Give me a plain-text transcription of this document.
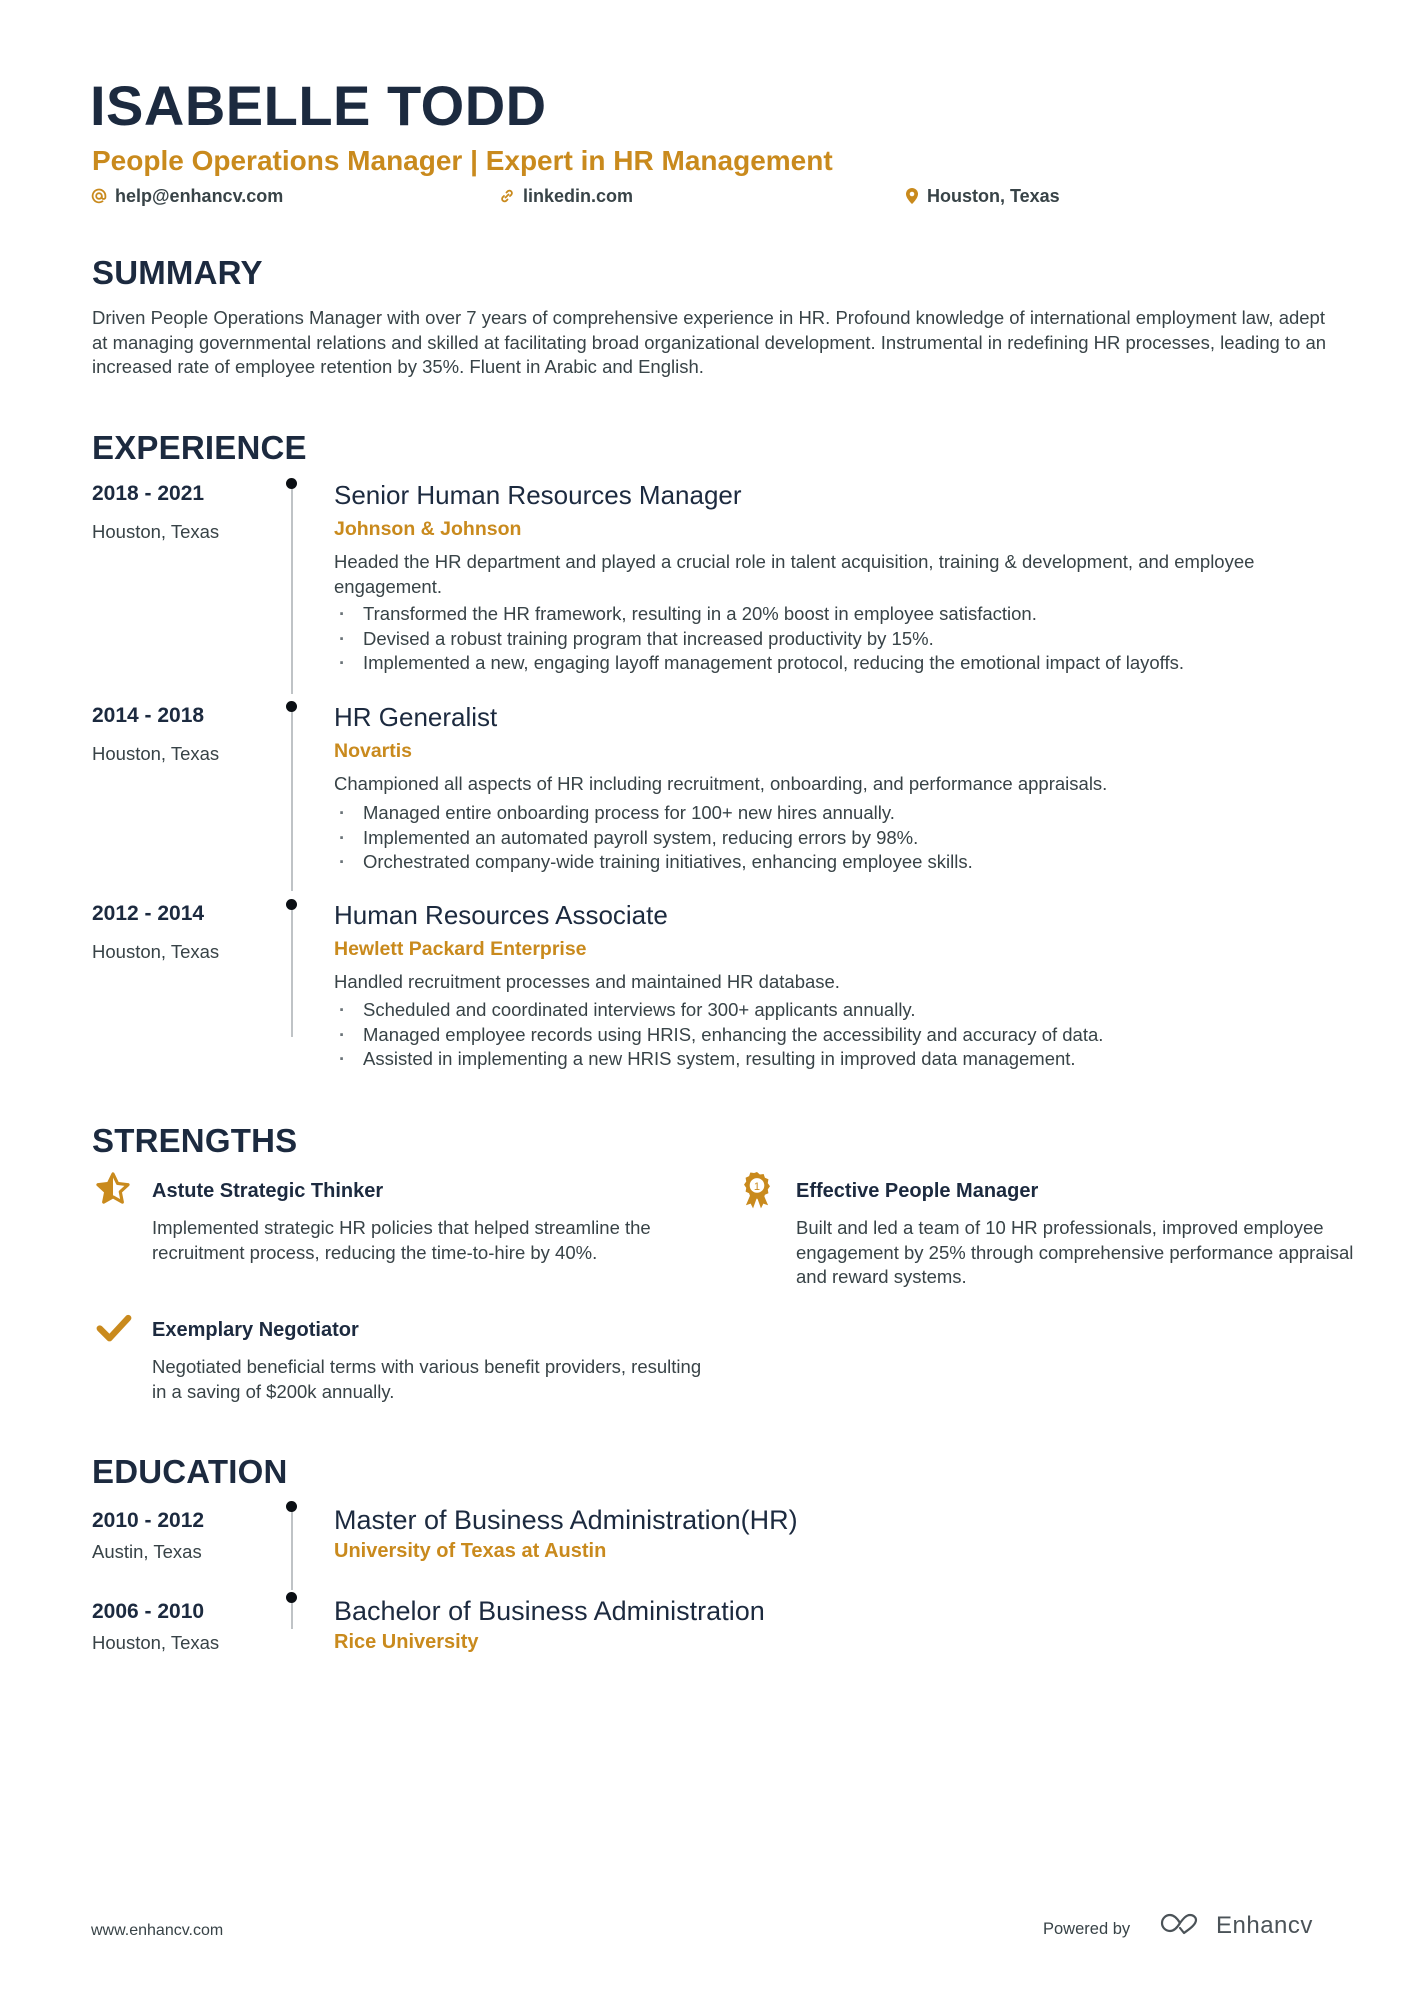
ISABELLE TODD
People Operations Manager | Expert in HR Management
help@enhancv.com	linkedin.com	Houston, Texas
SUMMARY
Driven People Operations Manager with over 7 years of comprehensive experience in HR. Profound knowledge of international employment law, adept at managing governmental relations and skilled at facilitating broad organizational development. Instrumental in redefining HR processes, leading to an increased rate of employee retention by 35%. Fluent in Arabic and English.
EXPERIENCE
2018 - 2021
Houston, Texas
Senior Human Resources Manager
Johnson & Johnson
Headed the HR department and played a crucial role in talent acquisition, training & development, and employee engagement.
· Transformed the HR framework, resulting in a 20% boost in employee satisfaction.
· Devised a robust training program that increased productivity by 15%.
· Implemented a new, engaging layoff management protocol, reducing the emotional impact of layoffs.
2014 - 2018
Houston, Texas
HR Generalist
Novartis
Championed all aspects of HR including recruitment, onboarding, and performance appraisals.
· Managed entire onboarding process for 100+ new hires annually.
· Implemented an automated payroll system, reducing errors by 98%.
· Orchestrated company-wide training initiatives, enhancing employee skills.
2012 - 2014
Houston, Texas
Human Resources Associate
Hewlett Packard Enterprise
Handled recruitment processes and maintained HR database.
· Scheduled and coordinated interviews for 300+ applicants annually.
· Managed employee records using HRIS, enhancing the accessibility and accuracy of data.
· Assisted in implementing a new HRIS system, resulting in improved data management.
STRENGTHS
Astute Strategic Thinker
Implemented strategic HR policies that helped streamline the recruitment process, reducing the time-to-hire by 40%.
1 Effective People Manager
Built and led a team of 10 HR professionals, improved employee engagement by 25% through comprehensive performance appraisal and reward systems.
Exemplary Negotiator
Negotiated beneficial terms with various benefit providers, resulting in a saving of $200k annually.
EDUCATION
2010 - 2012
Austin, Texas
Master of Business Administration(HR)
University of Texas at Austin
2006 - 2010
Houston, Texas
Bachelor of Business Administration
Rice University
www.enhancv.com	Powered by	Enhancv
